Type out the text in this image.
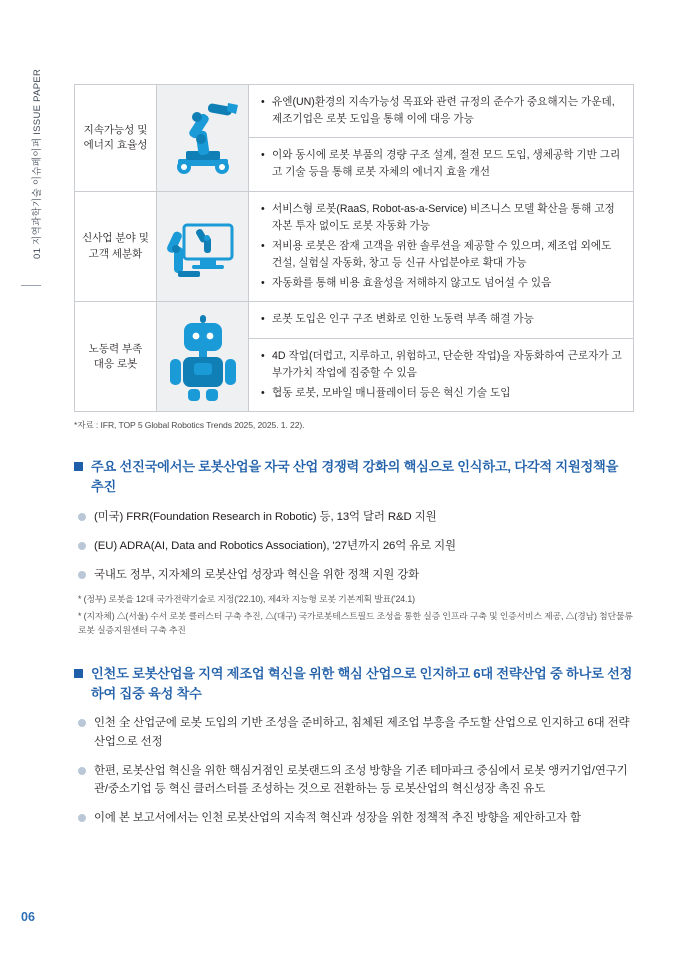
01 지역과학기술 이슈페이퍼 ISSUE PAPER
06
지속가능성 및
에너지 효율성	

• 유엔(UN)환경의 지속가능성 목표와 관련 규정의 준수가 중요해지는 가운데, 제조기업은 로봇 도입을 통해 이에 대응 가능
• 이와 동시에 로봇 부품의 경량 구조 설계, 절전 모드 도입, 생체공학 기반 그리고 기술 등을 통해 로봇 자체의 에너지 효율 개선

신사업 분야 및
고객 세분화	

• 서비스형 로봇(RaaS, Robot-as-a-Service) 비즈니스 모델 확산을 통해 고정자본 투자 없이도 로봇 자동화 가능
• 저비용 로봇은 잠재 고객을 위한 솔루션을 제공할 수 있으며, 제조업 외에도 건설, 실험실 자동화, 창고 등 신규 사업분야로 확대 가능
• 자동화를 통해 비용 효율성을 저해하지 않고도 넘어설 수 있음

노동력 부족
대응 로봇	

• 로봇 도입은 인구 구조 변화로 인한 노동력 부족 해결 가능
• 4D 작업(더럽고, 지루하고, 위험하고, 단순한 작업)을 자동화하여 근로자가 고부가가치 작업에 집중할 수 있음
• 협동 로봇, 모바일 매니퓰레이터 등은 혁신 기술 도입
*자료 : IFR, TOP 5 Global Robotics Trends 2025, 2025. 1. 22).
주요 선진국에서는 로봇산업을 자국 산업 경쟁력 강화의 핵심으로 인식하고, 다각적 지원정책을 추진
(미국) FRR(Foundation Research in Robotic) 등, 13억 달러 R&D 지원
(EU) ADRA(AI, Data and Robotics Association), '27년까지 26억 유로 지원
국내도 정부, 지자체의 로봇산업 성장과 혁신을 위한 정책 지원 강화
* (정부) 로봇을 12대 국가전략기술로 지정('22.10), 제4차 지능형 로봇 기본계획 발표('24.1)
* (지자체) △(서울) 수서 로봇 클러스터 구축 추진, △(대구) 국가로봇테스트필드 조성을 통한 실증 인프라 구축 및 인증서비스 제공, △(경남) 첨단물류로봇 실증지원센터 구축 추진
인천도 로봇산업을 지역 제조업 혁신을 위한 핵심 산업으로 인지하고 6대 전략산업 중 하나로 선정하여 집중 육성 착수
인천 全 산업군에 로봇 도입의 기반 조성을 준비하고, 침체된 제조업 부흥을 주도할 산업으로 인지하고 6대 전략산업으로 선정
한편, 로봇산업 혁신을 위한 핵심거점인 로봇랜드의 조성 방향을 기존 테마파크 중심에서 로봇 앵커기업/연구기관/중소기업 등 혁신 클러스터를 조성하는 것으로 전환하는 등 로봇산업의 혁신성장 촉진 유도
이에 본 보고서에서는 인천 로봇산업의 지속적 혁신과 성장을 위한 정책적 추진 방향을 제안하고자 함
